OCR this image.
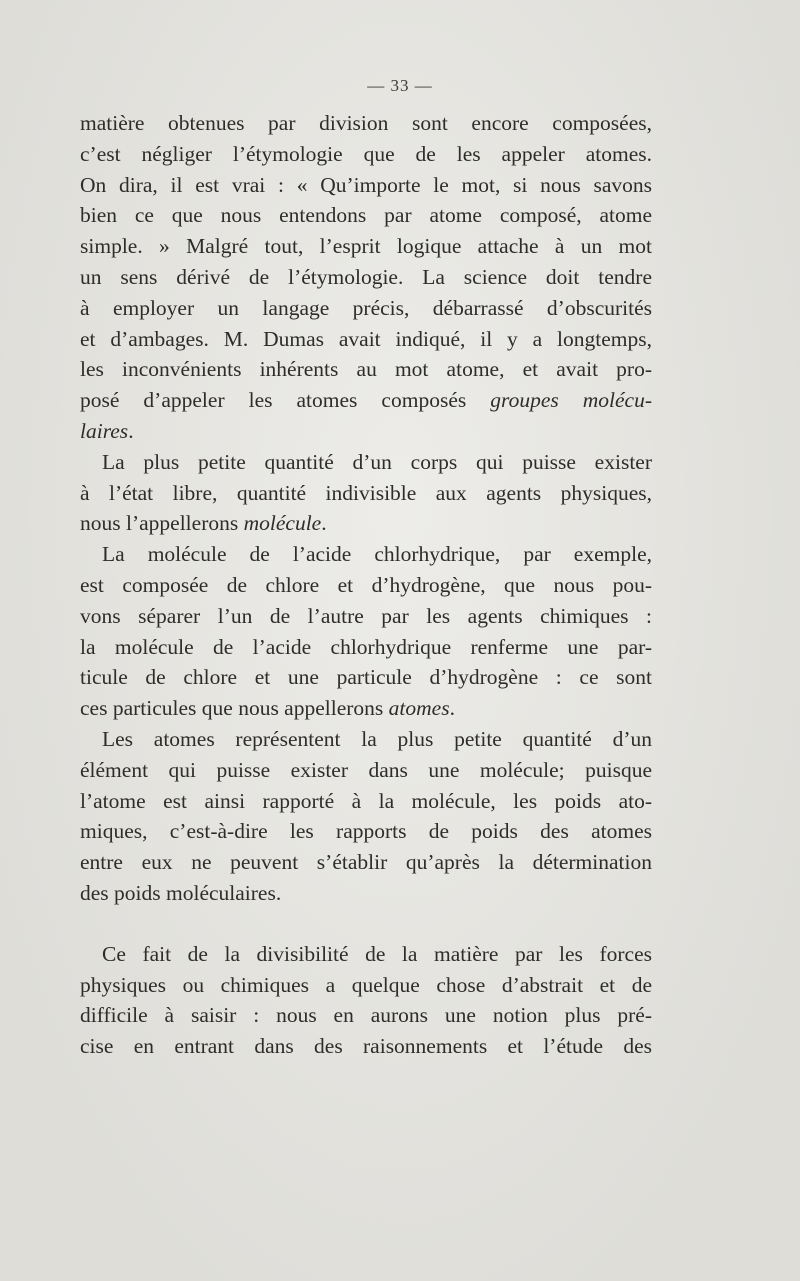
— 33 —
matière obtenues par division sont encore composées,
c’est négliger l’étymologie que de les appeler atomes.
On dira, il est vrai : « Qu’importe le mot, si nous savons
bien ce que nous entendons par atome composé, atome
simple. » Malgré tout, l’esprit logique attache à un mot
un sens dérivé de l’étymologie. La science doit tendre
à employer un langage précis, débarrassé d’obscurités
et d’ambages. M. Dumas avait indiqué, il y a longtemps,
les inconvénients inhérents au mot atome, et avait pro-
posé d’appeler les atomes composés groupes molécu-
laires.
La plus petite quantité d’un corps qui puisse exister
à l’état libre, quantité indivisible aux agents physiques,
nous l’appellerons molécule.
La molécule de l’acide chlorhydrique, par exemple,
est composée de chlore et d’hydrogène, que nous pou-
vons séparer l’un de l’autre par les agents chimiques :
la molécule de l’acide chlorhydrique renferme une par-
ticule de chlore et une particule d’hydrogène : ce sont
ces particules que nous appellerons atomes.
Les atomes représentent la plus petite quantité d’un
élément qui puisse exister dans une molécule; puisque
l’atome est ainsi rapporté à la molécule, les poids ato-
miques, c’est-à-dire les rapports de poids des atomes
entre eux ne peuvent s’établir qu’après la détermination
des poids moléculaires.
Ce fait de la divisibilité de la matière par les forces
physiques ou chimiques a quelque chose d’abstrait et de
difficile à saisir : nous en aurons une notion plus pré-
cise en entrant dans des raisonnements et l’étude des
